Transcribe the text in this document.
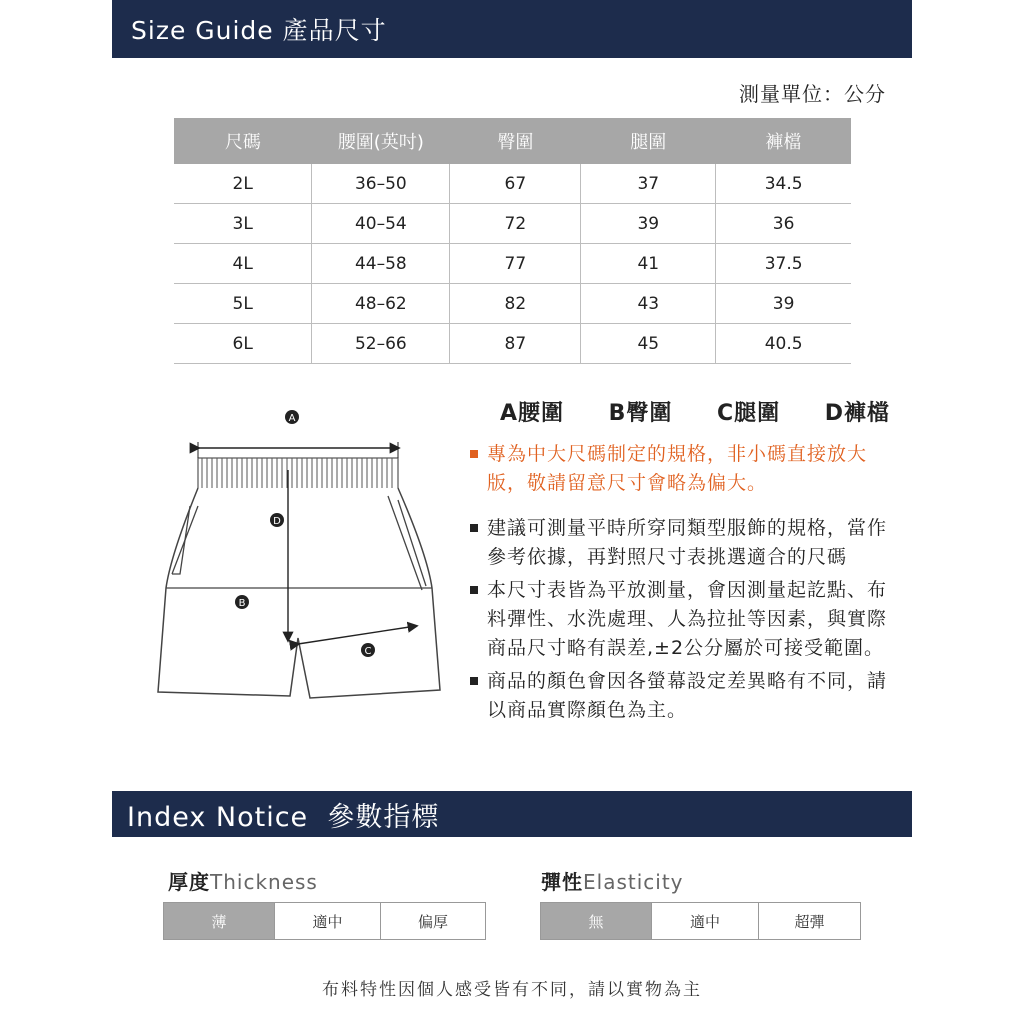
Size Guide 產品尺寸
測量單位：公分
尺碼	腰圍(英吋)	臀圍	腿圍	褲檔
2L	36–50	67	37	34.5
3L	40–54	72	39	36
4L	44–58	77	41	37.5
5L	48–62	82	43	39
6L	52–66	87	45	40.5
A
D
B
C
A腰圍 B臀圍 C腿圍 D褲檔
專為中大尺碼制定的規格，非小碼直接放大版，敬請留意尺寸會略為偏大。
建議可測量平時所穿同類型服飾的規格，當作參考依據，再對照尺寸表挑選適合的尺碼
本尺寸表皆為平放測量，會因測量起訖點、布料彈性、水洗處理、人為拉扯等因素，與實際商品尺寸略有誤差,±2公分屬於可接受範圍。
商品的顏色會因各螢幕設定差異略有不同，請以商品實際顏色為主。
Index Notice  參數指標
厚度Thickness
薄	適中	偏厚
彈性Elasticity
無	適中	超彈
布料特性因個人感受皆有不同，請以實物為主
